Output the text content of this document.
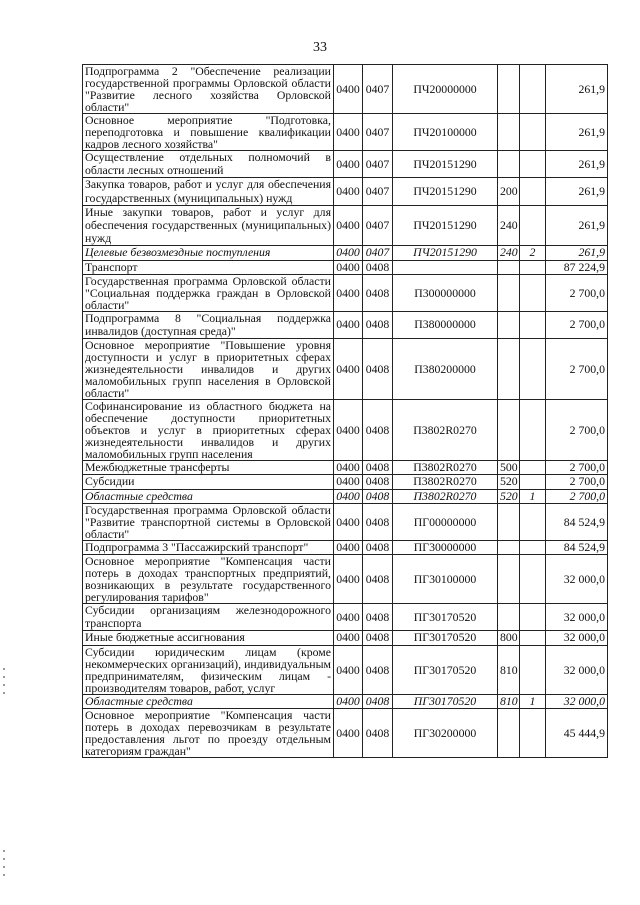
33
Подпрограмма 2 "Обеспечение реализации государственной программы Орловской области "Развитие лесного хозяйства Орловской области"	0400	0407	ПЧ20000000			261,9
Основное мероприятие "Подготовка, переподготовка и повышение квалификации кадров лесного хозяйства"	0400	0407	ПЧ20100000			261,9
Осуществление отдельных полномочий в области лесных отношений	0400	0407	ПЧ20151290			261,9
Закупка товаров, работ и услуг для обеспечения государственных (муниципальных) нужд	0400	0407	ПЧ20151290	200		261,9
Иные закупки товаров, работ и услуг для обеспечения государственных (муниципальных) нужд	0400	0407	ПЧ20151290	240		261,9
Целевые безвозмездные поступления	0400	0407	ПЧ20151290	240	2	261,9
Транспорт	0400	0408				87 224,9
Государственная программа Орловской области "Социальная поддержка граждан в Орловской области"	0400	0408	П300000000			2 700,0
Подпрограмма 8 "Социальная поддержка инвалидов (доступная среда)"	0400	0408	П380000000			2 700,0
Основное мероприятие "Повышение уровня доступности и услуг в приоритетных сферах жизнедеятельности инвалидов и других маломобильных групп населения в Орловской области"	0400	0408	П380200000			2 700,0
Софинансирование из областного бюджета на обеспечение доступности приоритетных объектов и услуг в приоритетных сферах жизнедеятельности инвалидов и других маломобильных групп населения	0400	0408	П3802R0270			2 700,0
Межбюджетные трансферты	0400	0408	П3802R0270	500		2 700,0
Субсидии	0400	0408	П3802R0270	520		2 700,0
Областные средства	0400	0408	П3802R0270	520	1	2 700,0
Государственная программа Орловской области "Развитие транспортной системы в Орловской области"	0400	0408	ПГ00000000			84 524,9
Подпрограмма 3 "Пассажирский транспорт"	0400	0408	ПГ30000000			84 524,9
Основное мероприятие "Компенсация части потерь в доходах транспортных предприятий, возникающих в результате государственного регулирования тарифов"	0400	0408	ПГ30100000			32 000,0
Субсидии организациям железнодорожного транспорта	0400	0408	ПГ30170520			32 000,0
Иные бюджетные ассигнования	0400	0408	ПГ30170520	800		32 000,0
Субсидии юридическим лицам (кроме некоммерческих организаций), индивидуальным предпринимателям, физическим лицам - производителям товаров, работ, услуг	0400	0408	ПГ30170520	810		32 000,0
Областные средства	0400	0408	ПГ30170520	810	1	32 000,0
Основное мероприятие "Компенсация части потерь в доходах перевозчикам в результате предоставления льгот по проезду отдельным категориям граждан"	0400	0408	ПГ30200000			45 444,9
